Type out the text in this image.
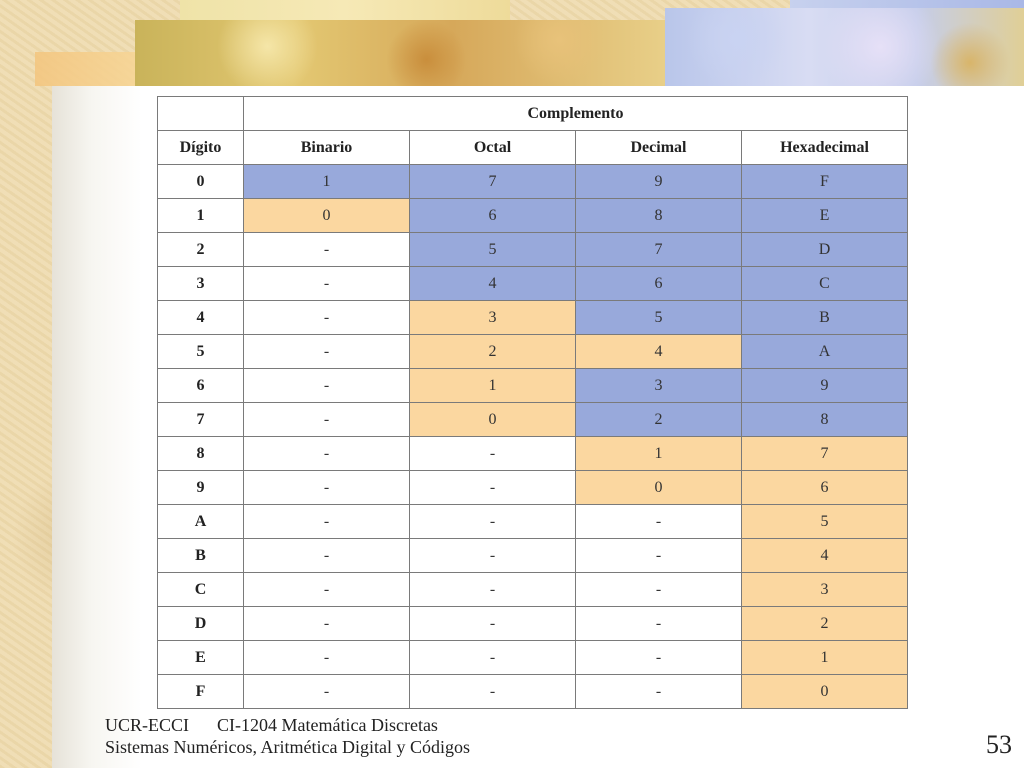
	Complemento			
Dígito	Binario	Octal	Decimal	Hexadecimal
0	1	7	9	F
1	0	6	8	E
2	-	5	7	D
3	-	4	6	C
4	-	3	5	B
5	-	2	4	A
6	-	1	3	9
7	-	0	2	8
8	-	-	1	7
9	-	-	0	6
A	-	-	-	5
B	-	-	-	4
C	-	-	-	3
D	-	-	-	2
E	-	-	-	1
F	-	-	-	0
UCR-ECCI CI-1204 Matemática Discretas
Sistemas Numéricos, Aritmética Digital y Códigos	53
